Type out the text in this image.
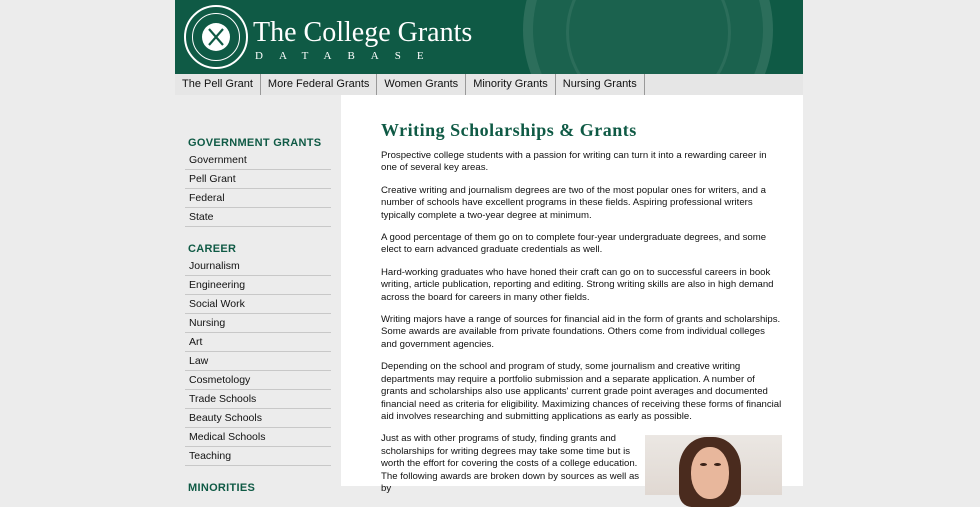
The College Grants
DATABASE
The Pell Grant	More Federal Grants	Women Grants	Minority Grants	Nursing Grants
GOVERNMENT GRANTS
Government
Pell Grant
Federal
State
CAREER
Journalism
Engineering
Social Work
Nursing
Art
Law
Cosmetology
Trade Schools
Beauty Schools
Medical Schools
Teaching
MINORITIES
Writing Scholarships & Grants

Prospective college students with a passion for writing can turn it into a rewarding career in one of several key areas.

Creative writing and journalism degrees are two of the most popular ones for writers, and a number of schools have excellent programs in these fields. Aspiring professional writers typically complete a two-year degree at minimum.

A good percentage of them go on to complete four-year undergraduate degrees, and some elect to earn advanced graduate credentials as well.

Hard-working graduates who have honed their craft can go on to successful careers in book writing, article publication, reporting and editing. Strong writing skills are also in high demand across the board for careers in many other fields.

Writing majors have a range of sources for financial aid in the form of grants and scholarships. Some awards are available from private foundations. Others come from individual colleges and government agencies.

Depending on the school and program of study, some journalism and creative writing departments may require a portfolio submission and a separate application. A number of grants and scholarships also use applicants' current grade point averages and documented financial need as criteria for eligibility. Maximizing chances of receiving these forms of financial aid involves researching and submitting applications as early as possible.

Just as with other programs of study, finding grants and scholarships for writing degrees may take some time but is worth the effort for covering the costs of a college education. The following awards are broken down by sources as well as by
